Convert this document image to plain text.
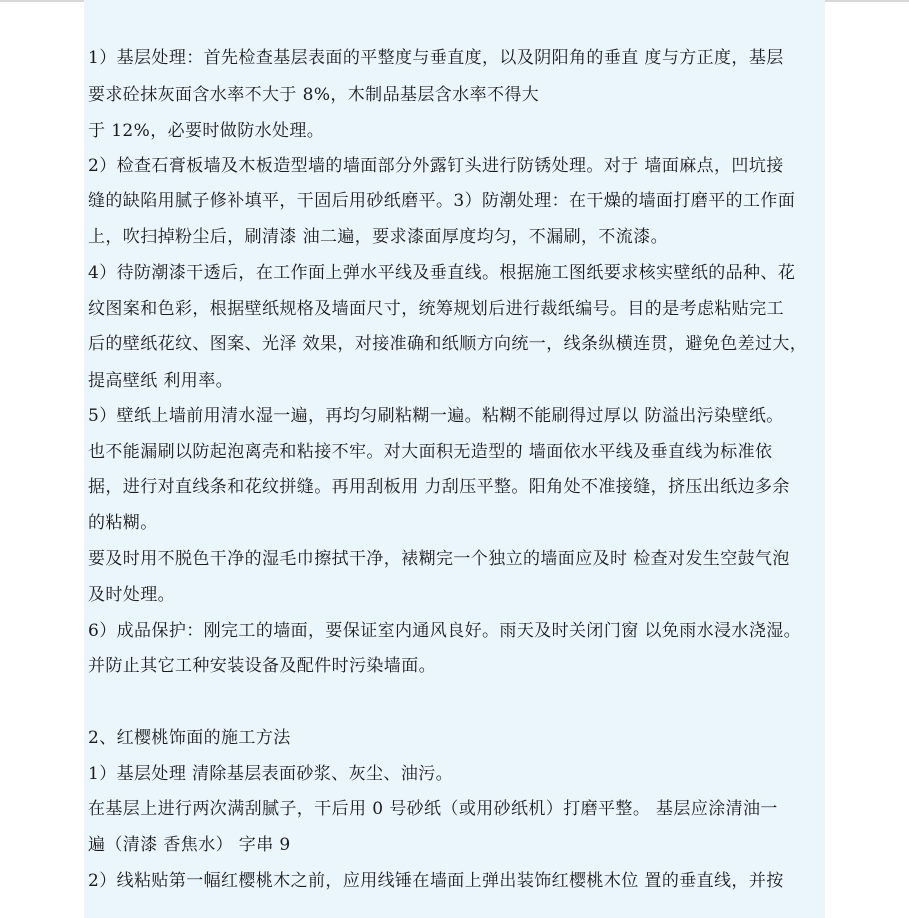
1）基层处理：首先检查基层表面的平整度与垂直度，以及阴阳角的垂直 度与方正度，基层
要求砼抹灰面含水率不大于 8%，木制品基层含水率不得大
于 12%，必要时做防水处理。
2）检查石膏板墙及木板造型墙的墙面部分外露钉头进行防锈处理。对于 墙面麻点，凹坑接
缝的缺陷用腻子修补填平，干固后用砂纸磨平。3）防潮处理：在干燥的墙面打磨平的工作面
上，吹扫掉粉尘后，刷清漆 油二遍，要求漆面厚度均匀，不漏刷，不流漆。
4）待防潮漆干透后，在工作面上弹水平线及垂直线。根据施工图纸要求核实壁纸的品种、花
纹图案和色彩，根据壁纸规格及墙面尺寸，统筹规划后进行裁纸编号。目的是考虑粘贴完工
后的壁纸花纹、图案、光泽 效果，对接准确和纸顺方向统一，线条纵横连贯，避免色差过大，
提高壁纸 利用率。
5）壁纸上墙前用清水湿一遍，再均匀刷粘糊一遍。粘糊不能刷得过厚以 防溢出污染壁纸。
也不能漏刷以防起泡离壳和粘接不牢。对大面积无造型的 墙面依水平线及垂直线为标准依
据，进行对直线条和花纹拼缝。再用刮板用 力刮压平整。阳角处不准接缝，挤压出纸边多余
的粘糊。
要及时用不脱色干净的湿毛巾擦拭干净，裱糊完一个独立的墙面应及时 检查对发生空鼓气泡
及时处理。
6）成品保护：刚完工的墙面，要保证室内通风良好。雨天及时关闭门窗 以免雨水浸水浇湿。
并防止其它工种安装设备及配件时污染墙面。
2、红樱桃饰面的施工方法
1）基层处理 清除基层表面砂浆、灰尘、油污。
在基层上进行两次满刮腻子，干后用 0 号砂纸（或用砂纸机）打磨平整。 基层应涂清油一
遍（清漆 香焦水） 字串 9
2）线粘贴第一幅红樱桃木之前，应用线锤在墙面上弹出装饰红樱桃木位 置的垂直线，并按
